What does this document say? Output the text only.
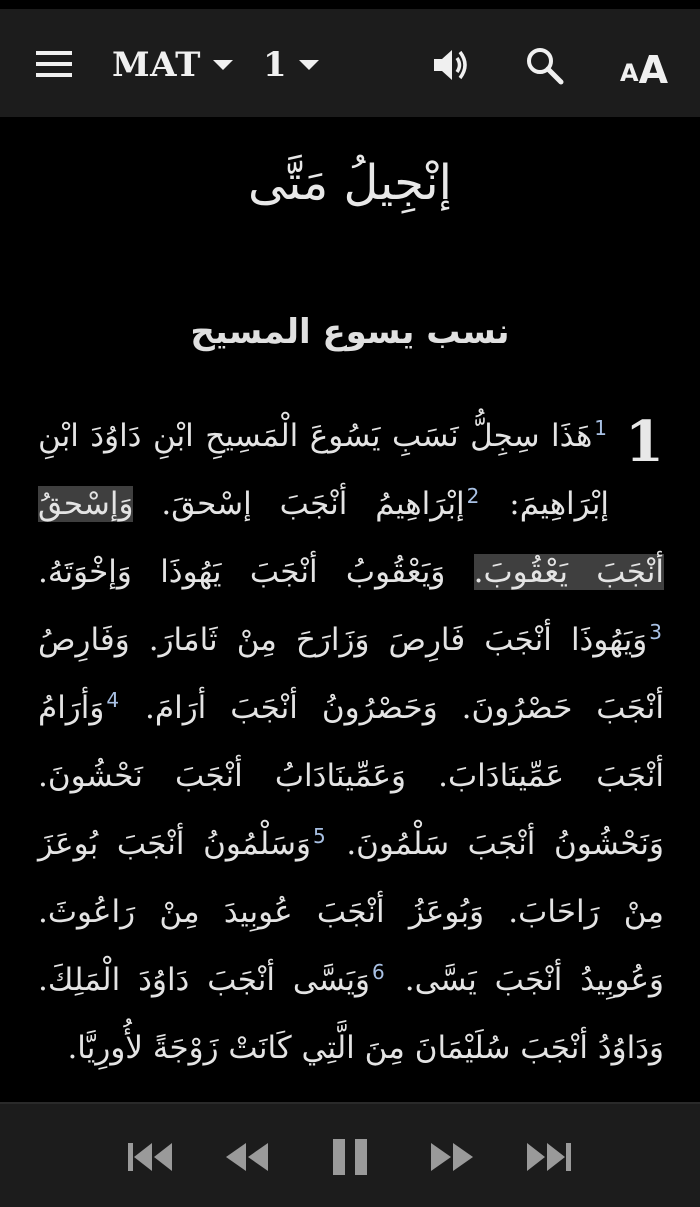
MAT 1	A A
إنْجِيلُ مَتَّى
نسب يسوع المسيح
1
$^1$هَذَا سِجِلُّ نَسَبِ يَسُوعَ الْمَسِيحِ ابْنِ دَاوُدَ ابْنِ إبْرَاهِيمَ: $^2$إبْرَاهِيمُ أنْجَبَ إسْحقَ. وَإسْحقُ أنْجَبَ يَعْقُوبَ. وَيَعْقُوبُ أنْجَبَ يَهُوذَا وَإخْوَتَهُ. $^3$وَيَهُوذَا أنْجَبَ فَارِصَ وَزَارَحَ مِنْ ثَامَارَ. وَفَارِصُ أنْجَبَ حَصْرُونَ. وَحَصْرُونُ أنْجَبَ أرَامَ. $^4$وَأرَامُ أنْجَبَ عَمِّينَادَابَ. وَعَمِّينَادَابُ أنْجَبَ نَحْشُونَ. وَنَحْشُونُ أنْجَبَ سَلْمُونَ. $^5$وَسَلْمُونُ أنْجَبَ بُوعَزَ مِنْ رَاحَابَ. وَبُوعَزُ أنْجَبَ عُوبِيدَ مِنْ رَاعُوثَ. وَعُوبِيدُ أنْجَبَ يَسَّى. $^6$وَيَسَّى أنْجَبَ دَاوُدَ الْمَلِكَ. وَدَاوُدُ أنْجَبَ سُلَيْمَانَ مِنَ الَّتِي كَانَتْ زَوْجَةً لأُورِيَّا.
